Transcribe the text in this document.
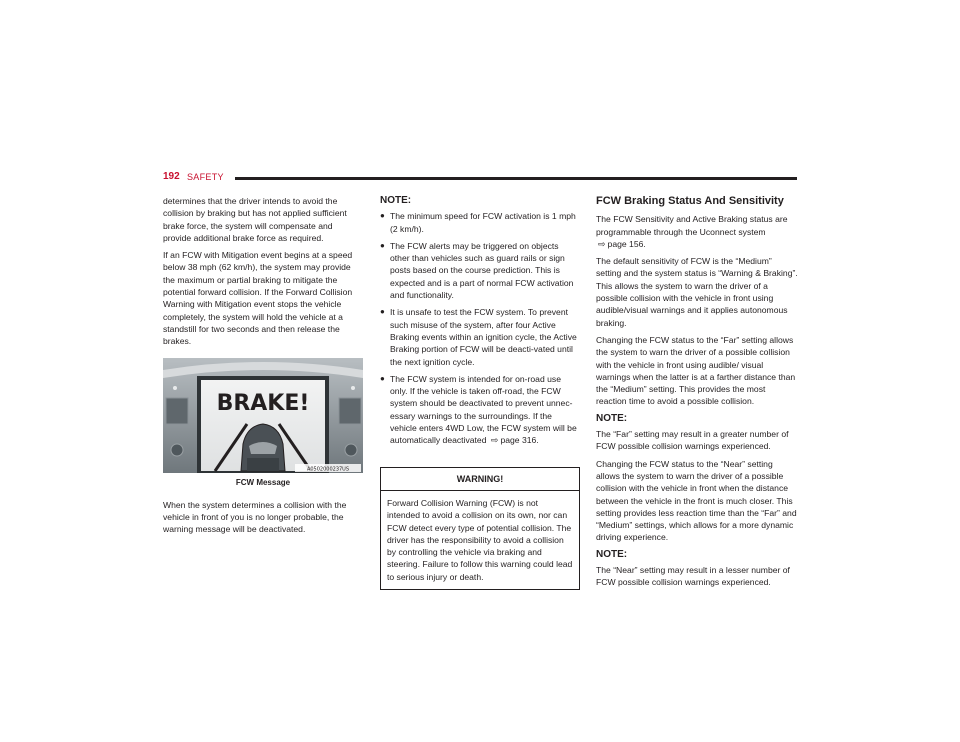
192 SAFETY

determines that the driver intends to avoid the collision by braking but has not applied sufficient brake force, the system will compensate and provide additional brake force as required.

If an FCW with Mitigation event begins at a speed below 38 mph (62 km/h), the system may provide the maximum or partial braking to mitigate the potential forward collision. If the Forward Collision Warning with Mitigation event stops the vehicle completely, the system will hold the vehicle at a standstill for two seconds and then release the brakes.

BRAKE!
A0502000237US
FCW Message

When the system determines a collision with the vehicle in front of you is no longer probable, the warning message will be deactivated.

NOTE:
● The minimum speed for FCW activation is 1 mph (2 km/h).
● The FCW alerts may be triggered on objects other than vehicles such as guard rails or sign posts based on the course prediction. This is expected and is a part of normal FCW activation and functionality.
● It is unsafe to test the FCW system. To prevent such misuse of the system, after four Active Braking events within an ignition cycle, the Active Braking portion of FCW will be deacti-vated until the next ignition cycle.
● The FCW system is intended for on-road use only. If the vehicle is taken off-road, the FCW system should be deactivated to prevent unnec-essary warnings to the surroundings. If the vehicle enters 4WD Low, the FCW system will be automatically deactivated ⇨ page 316.
WARNING!
Forward Collision Warning (FCW) is not intended to avoid a collision on its own, nor can FCW detect every type of potential collision. The driver has the responsibility to avoid a collision by controlling the vehicle via braking and steering. Failure to follow this warning could lead to serious injury or death.
FCW Braking Status And Sensitivity

The FCW Sensitivity and Active Braking status are programmable through the Uconnect system
⇨ page 156.

The default sensitivity of FCW is the “Medium” setting and the system status is “Warning & Braking”. This allows the system to warn the driver of a possible collision with the vehicle in front using audible/visual warnings and it applies autonomous braking.

Changing the FCW status to the “Far” setting allows the system to warn the driver of a possible collision with the vehicle in front using audible/ visual warnings when the latter is at a farther distance than the “Medium” setting. This provides the most reaction time to avoid a possible collision.

NOTE:

The “Far” setting may result in a greater number of FCW possible collision warnings experienced.

Changing the FCW status to the “Near” setting allows the system to warn the driver of a possible collision with the vehicle in front when the distance between the vehicle in the front is much closer. This setting provides less reaction time than the “Far” and “Medium” settings, which allows for a more dynamic driving experience.

NOTE:

The “Near” setting may result in a lesser number of FCW possible collision warnings experienced.
